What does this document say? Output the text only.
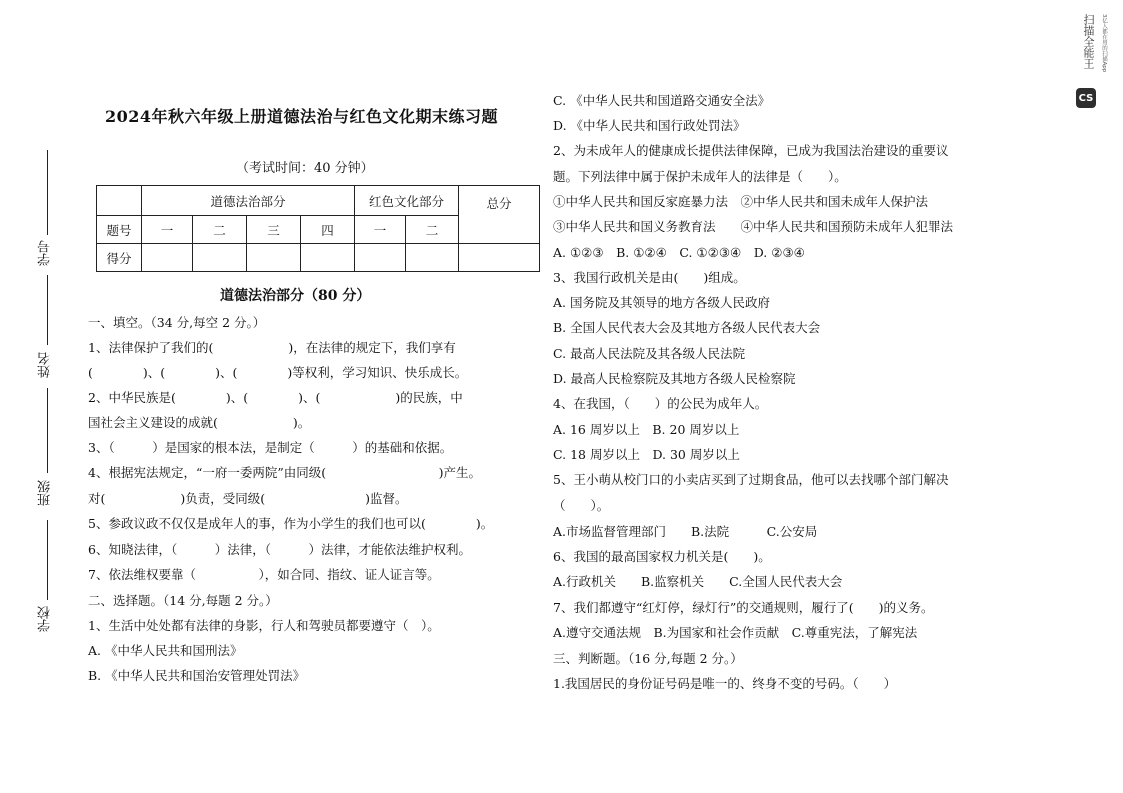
CS
扫描全能王 3亿人都在用的扫描App
学号
姓名
班级
学校
2024年秋六年级上册道德法治与红色文化期末练习题
（考试时间：40 分钟）
	道德法治部分				红色文化部分		总分
题号	一	二	三	四	一	二	
得分							
道德法治部分（80 分）
一、填空。（34 分,每空 2 分。）
1、法律保护了我们的(　　　　　　)，在法律的规定下，我们享有
(　　　　)、(　　　　)、(　　　　)等权利，学习知识、快乐成长。
2、中华民族是(　　　　)、(　　　　)、(　　　　　　)的民族，中
国社会主义建设的成就(　　　　　　)。
3、（　　　）是国家的根本法，是制定（　　　）的基础和依据。
4、根据宪法规定，“一府一委两院”由同级(　　　　　　　　　)产生。
对(　　　　　　)负责，受同级(　　　　　　　　)监督。
5、参政议政不仅仅是成年人的事，作为小学生的我们也可以(　　　　)。
6、知晓法律，（　　　）法律，（　　　）法律，才能依法维护权利。
7、依法维权要靠（　　　　　），如合同、指纹、证人证言等。
二、选择题。（14 分,每题 2 分。）
1、生活中处处都有法律的身影，行人和驾驶员都要遵守（　）。
A. 《中华人民共和国刑法》
B. 《中华人民共和国治安管理处罚法》
C. 《中华人民共和国道路交通安全法》
D. 《中华人民共和国行政处罚法》
2、为未成年人的健康成长提供法律保障，已成为我国法治建设的重要议
题。下列法律中属于保护未成年人的法律是（　　）。
①中华人民共和国反家庭暴力法　②中华人民共和国未成年人保护法
③中华人民共和国义务教育法　　④中华人民共和国预防未成年人犯罪法
A. ①②③　B. ①②④　C. ①②③④　D. ②③④
3、我国行政机关是由(　　)组成。
A. 国务院及其领导的地方各级人民政府
B. 全国人民代表大会及其地方各级人民代表大会
C. 最高人民法院及其各级人民法院
D. 最高人民检察院及其地方各级人民检察院
4、在我国，（　　）的公民为成年人。
A. 16 周岁以上　B. 20 周岁以上
C. 18 周岁以上　D. 30 周岁以上
5、王小萌从校门口的小卖店买到了过期食品，他可以去找哪个部门解决
（　　）。
A.市场监督管理部门　　B.法院　　　C.公安局
6、我国的最高国家权力机关是(　　)。
A.行政机关　　B.监察机关　　C.全国人民代表大会
7、我们都遵守“红灯停，绿灯行”的交通规则，履行了(　　)的义务。
A.遵守交通法规　B.为国家和社会作贡献　C.尊重宪法，了解宪法
三、判断题。（16 分,每题 2 分。）
1.我国居民的身份证号码是唯一的、终身不变的号码。（　　）
